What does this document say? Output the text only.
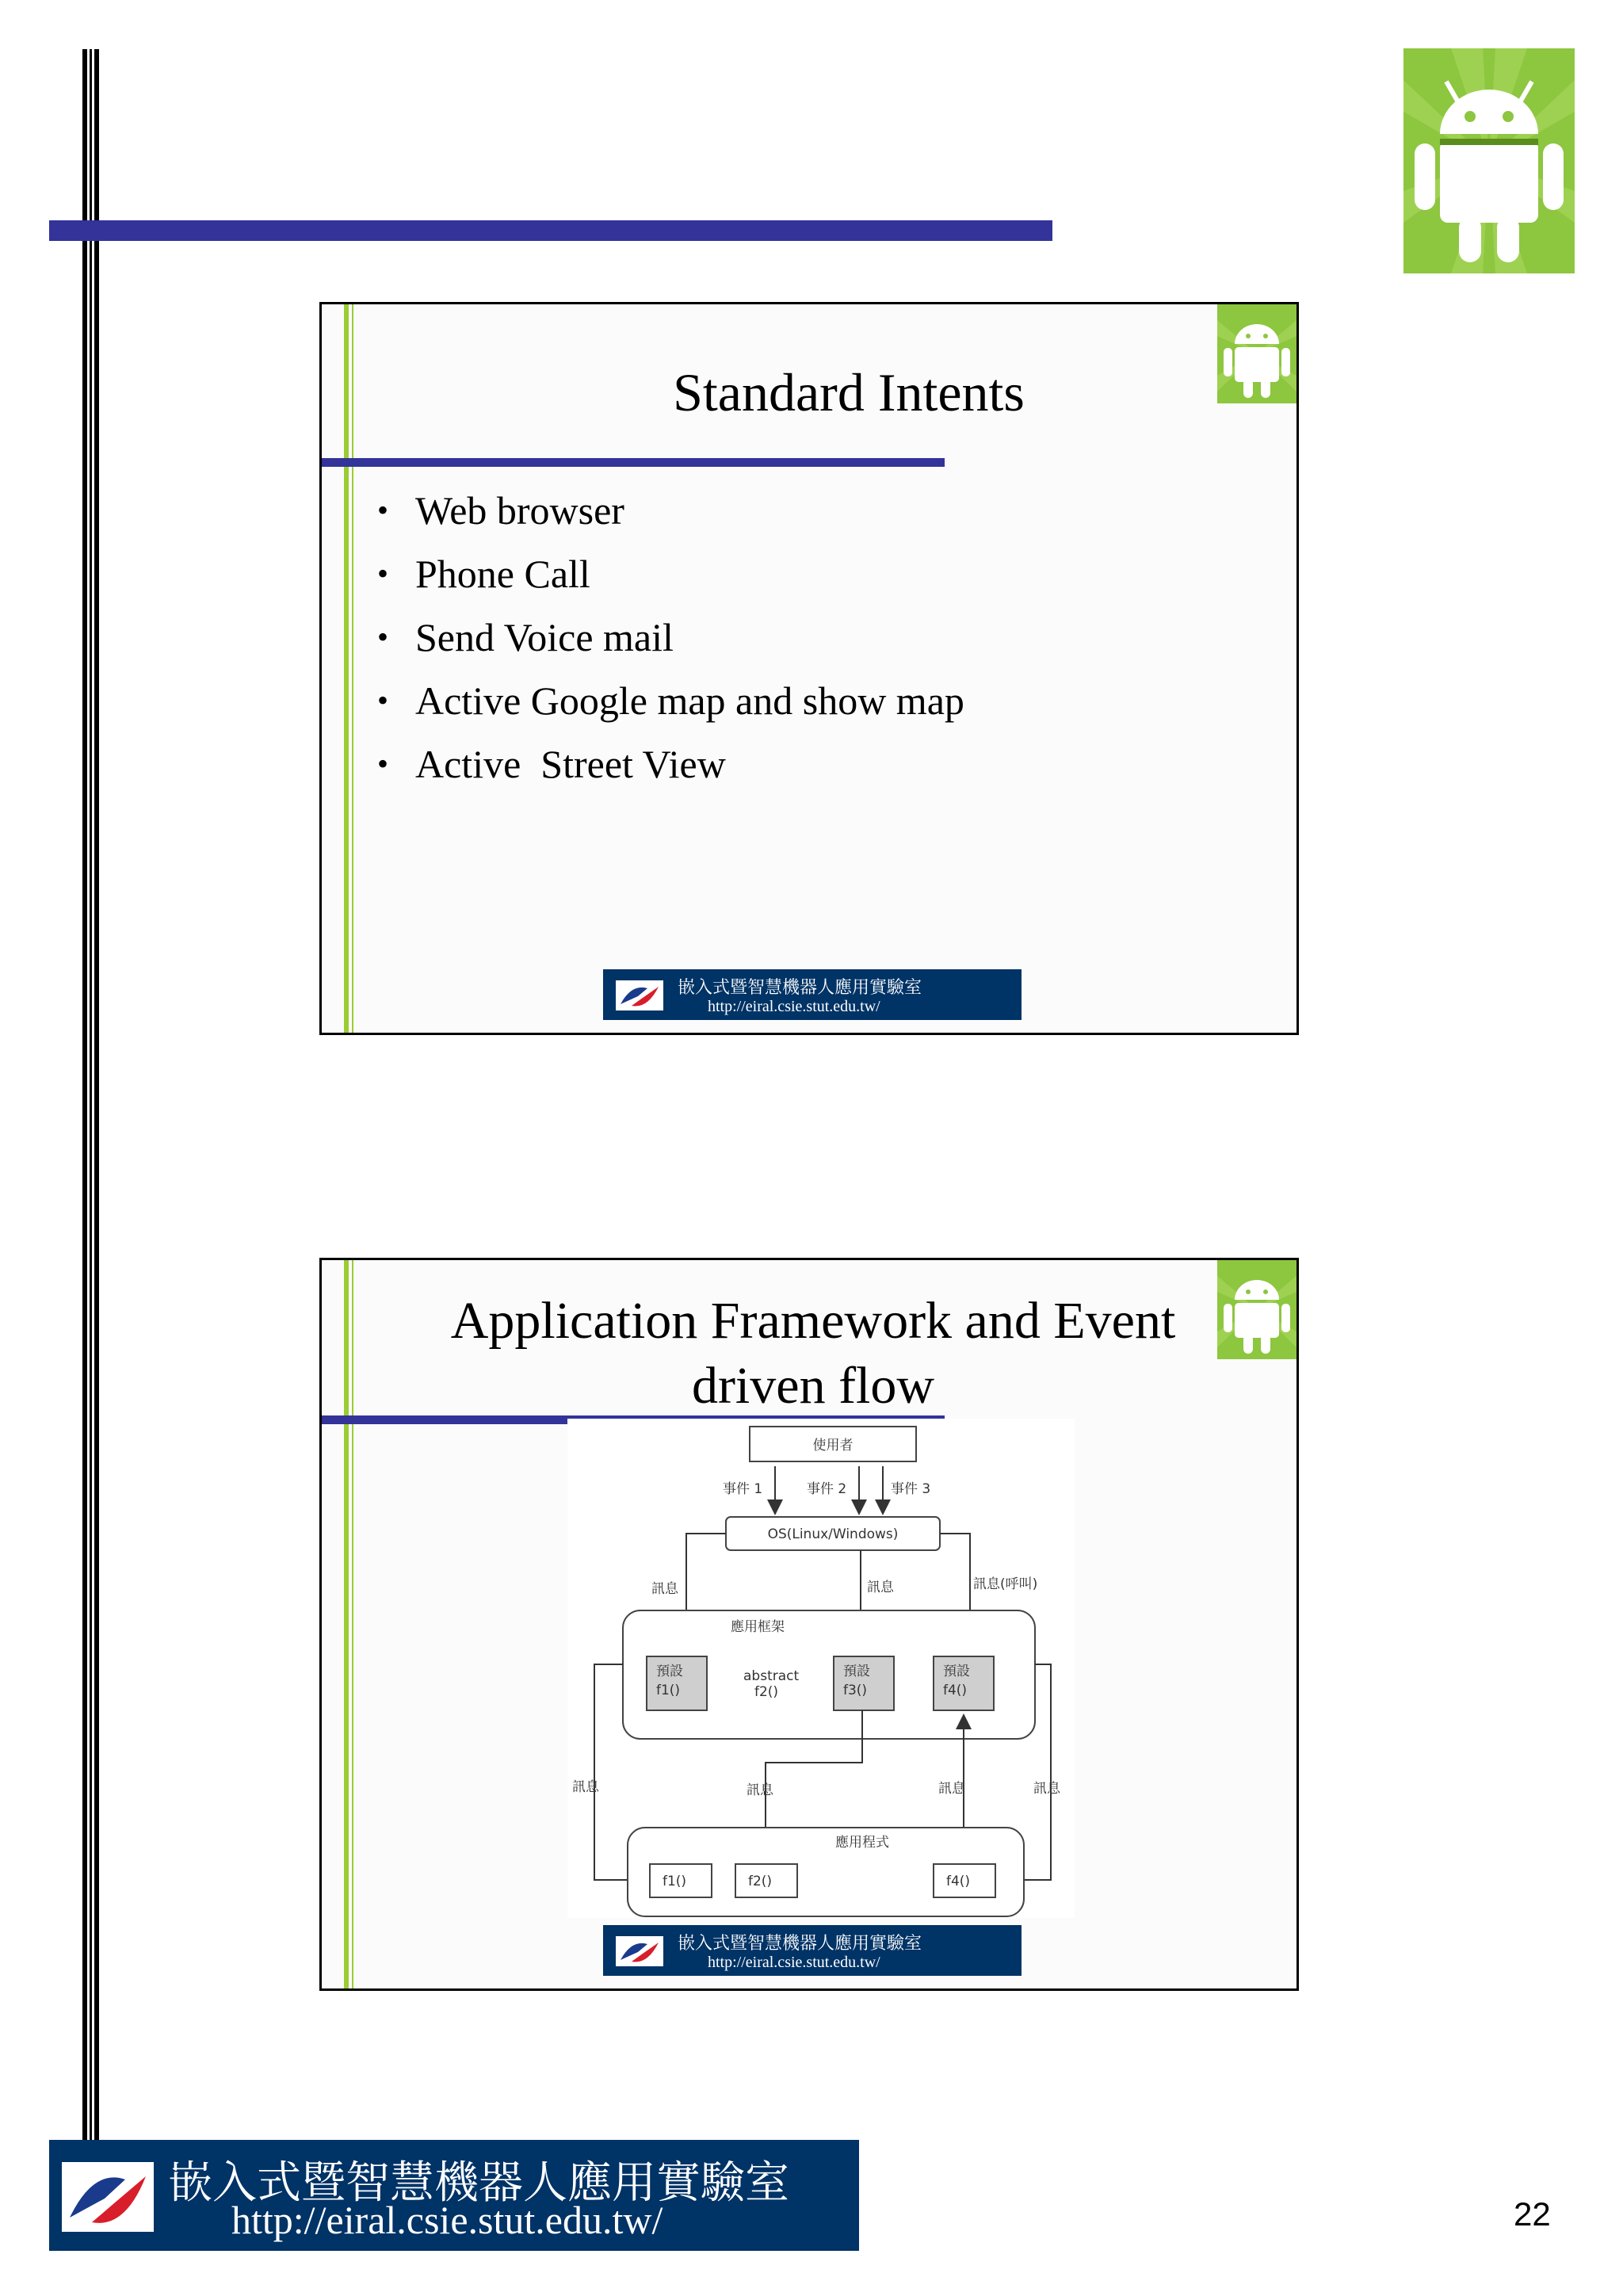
Standard Intents
• Web browser
• Phone Call
• Send Voice mail
• Active Google map and show map
• Active  Street View
嵌入式暨智慧機器人應用實驗室
http://eiral.csie.stut.edu.tw/
Application Framework and Event driven flow
使用者
事件 1	事件 2	事件 3
OS(Linux/Windows)
訊息	訊息	訊息(呼叫)
應用框架
預設
f1()
abstract
f2()
預設
f3()
預設
f4()
訊息	訊息	訊息	訊息
應用程式
f1()	f2()	f4()
嵌入式暨智慧機器人應用實驗室
http://eiral.csie.stut.edu.tw/
嵌入式暨智慧機器人應用實驗室
http://eiral.csie.stut.edu.tw/	22
